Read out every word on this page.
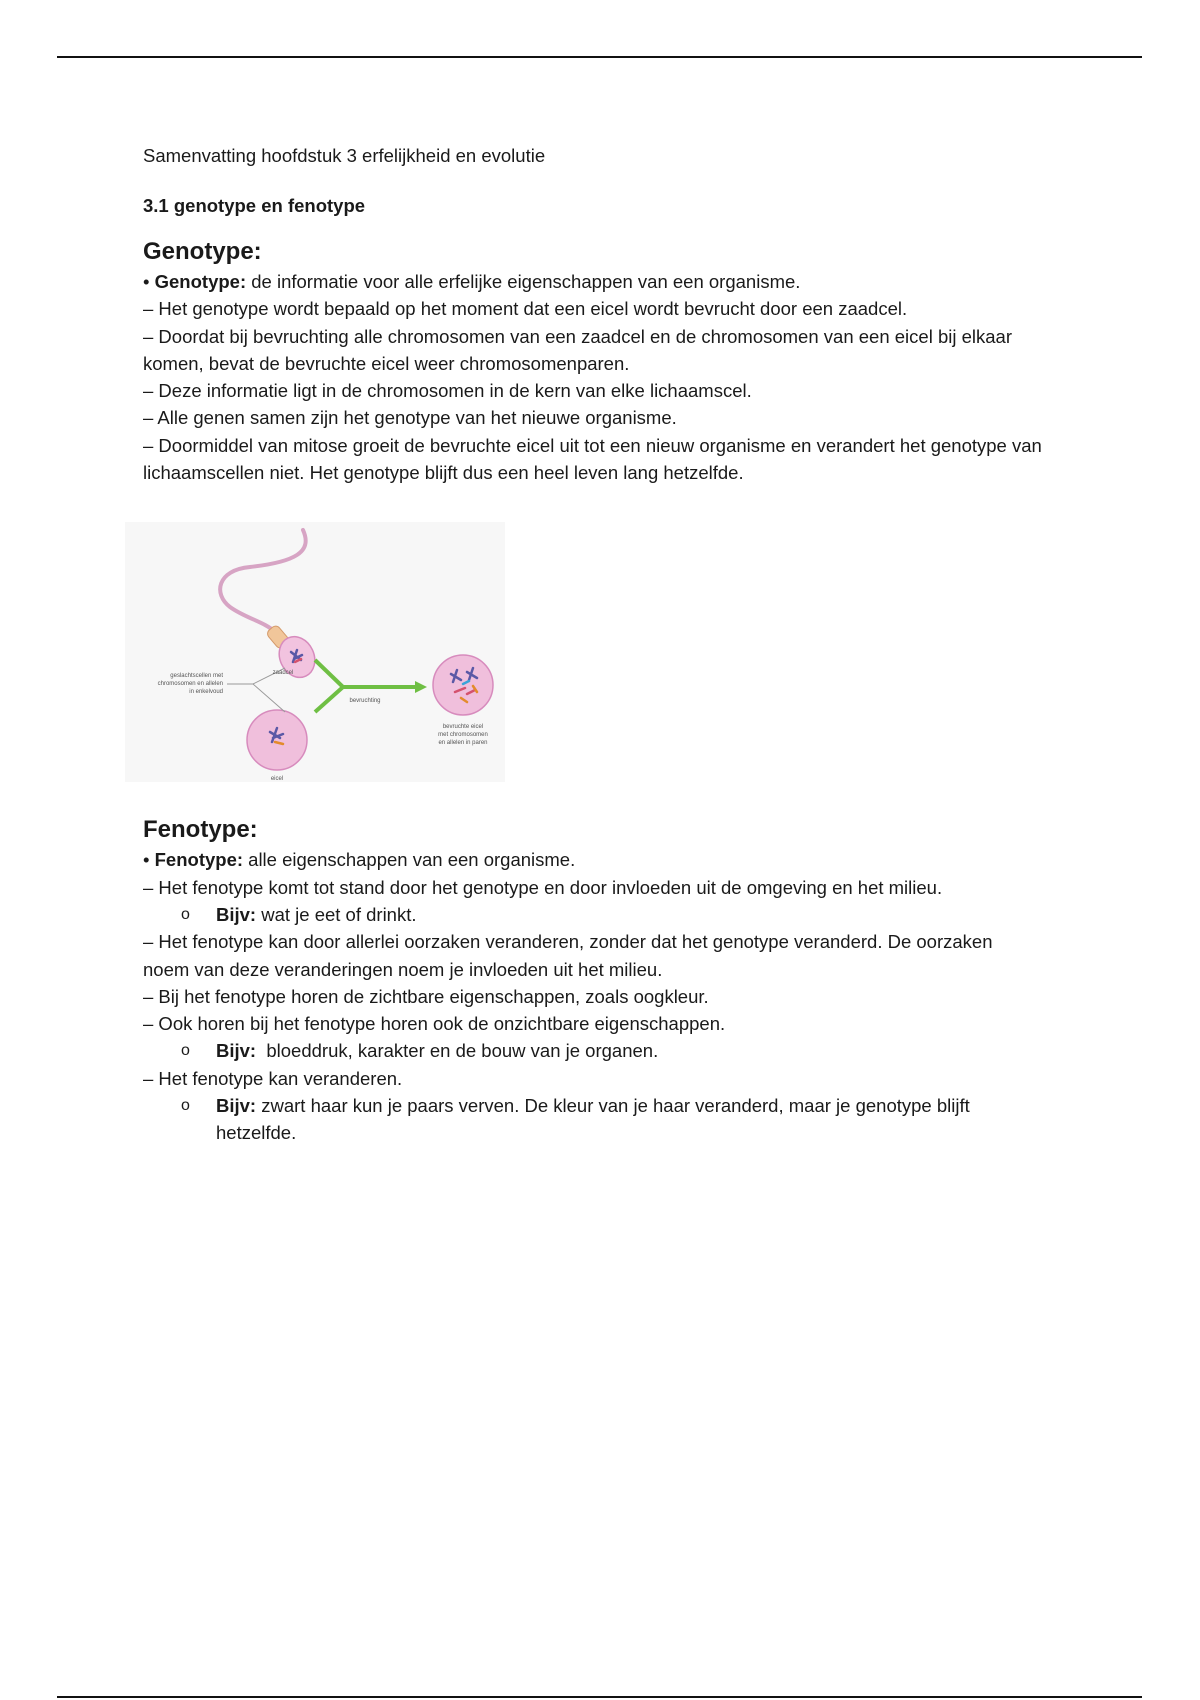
Samenvatting hoofdstuk 3 erfelijkheid en evolutie

3.1 genotype en fenotype

Genotype:

• Genotype: de informatie voor alle erfelijke eigenschappen van een organisme.

– Het genotype wordt bepaald op het moment dat een eicel wordt bevrucht door een zaadcel.

– Doordat bij bevruchting alle chromosomen van een zaadcel en de chromosomen van een eicel bij elkaar komen, bevat de bevruchte eicel weer chromosomenparen.

– Deze informatie ligt in de chromosomen in de kern van elke lichaamscel.

– Alle genen samen zijn het genotype van het nieuwe organisme.

– Doormiddel van mitose groeit de bevruchte eicel uit tot een nieuw organisme en verandert het genotype van lichaamscellen niet. Het genotype blijft dus een heel leven lang hetzelfde.

geslachtscellen met
chromosomen en allelen
in enkelvoud
zaadcel
eicel
bevruchting
bevruchte eicel
met chromosomen
en allelen in paren
Fenotype:

• Fenotype: alle eigenschappen van een organisme.

– Het fenotype komt tot stand door het genotype en door invloeden uit de omgeving en het milieu.

o Bijv: wat je eet of drinkt.

– Het fenotype kan door allerlei oorzaken veranderen, zonder dat het genotype veranderd. De oorzaken noem van deze veranderingen noem je invloeden uit het milieu.

– Bij het fenotype horen de zichtbare eigenschappen, zoals oogkleur.

– Ook horen bij het fenotype horen ook de onzichtbare eigenschappen.

o Bijv:  bloeddruk, karakter en de bouw van je organen.

– Het fenotype kan veranderen.

o Bijv: zwart haar kun je paars verven. De kleur van je haar veranderd, maar je genotype blijft hetzelfde.
